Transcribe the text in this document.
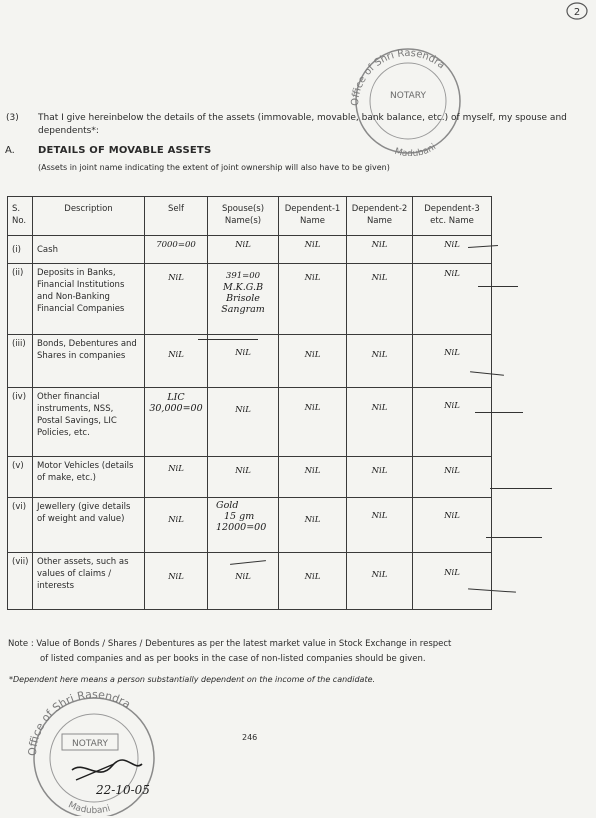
2
Office of Shri Rasendra
NOTARY
Madubani
(3) That I give hereinbelow the details of the assets (immovable, movable, bank balance, etc.) of myself, my spouse and dependents*:
A. DETAILS OF MOVABLE ASSETS
(Assets in joint name indicating the extent of joint ownership will also have to be given)
S. No.	Description	Self	Spouse(s) Name(s)	Dependent-1 Name	Dependent-2 Name	Dependent-3 etc. Name
(i)	Cash	7000=00	NiL	NiL	NiL	NiL
(ii)	Deposits in Banks, Financial Institutions and Non-Banking Financial Companies	NiL	391=00
M.K.G.B
Brisole Sangram	NiL	NiL	NiL
(iii)	Bonds, Debentures and Shares in companies	NiL	NiL	NiL	NiL	NiL
(iv)	Other financial instruments, NSS, Postal Savings, LIC Policies, etc.	LIC
30,000=00	NiL	NiL	NiL	NiL
(v)	Motor Vehicles (details of make, etc.)	NiL	NiL	NiL	NiL	NiL
(vi)	Jewellery (give details of weight and value)	NiL	Gold
15 gm
12000=00	NiL	NiL	NiL
(vii)	Other assets, such as values of claims / interests	NiL	NiL	NiL	NiL	NiL
Note : Value of Bonds / Shares / Debentures as per the latest market value in Stock Exchange in respect
of listed companies and as per books in the case of non-listed companies should be given.
*Dependent here means a person substantially dependent on the income of the candidate.
246
Office of Shri Rasendra
NOTARY
Madubani
22-10-05
